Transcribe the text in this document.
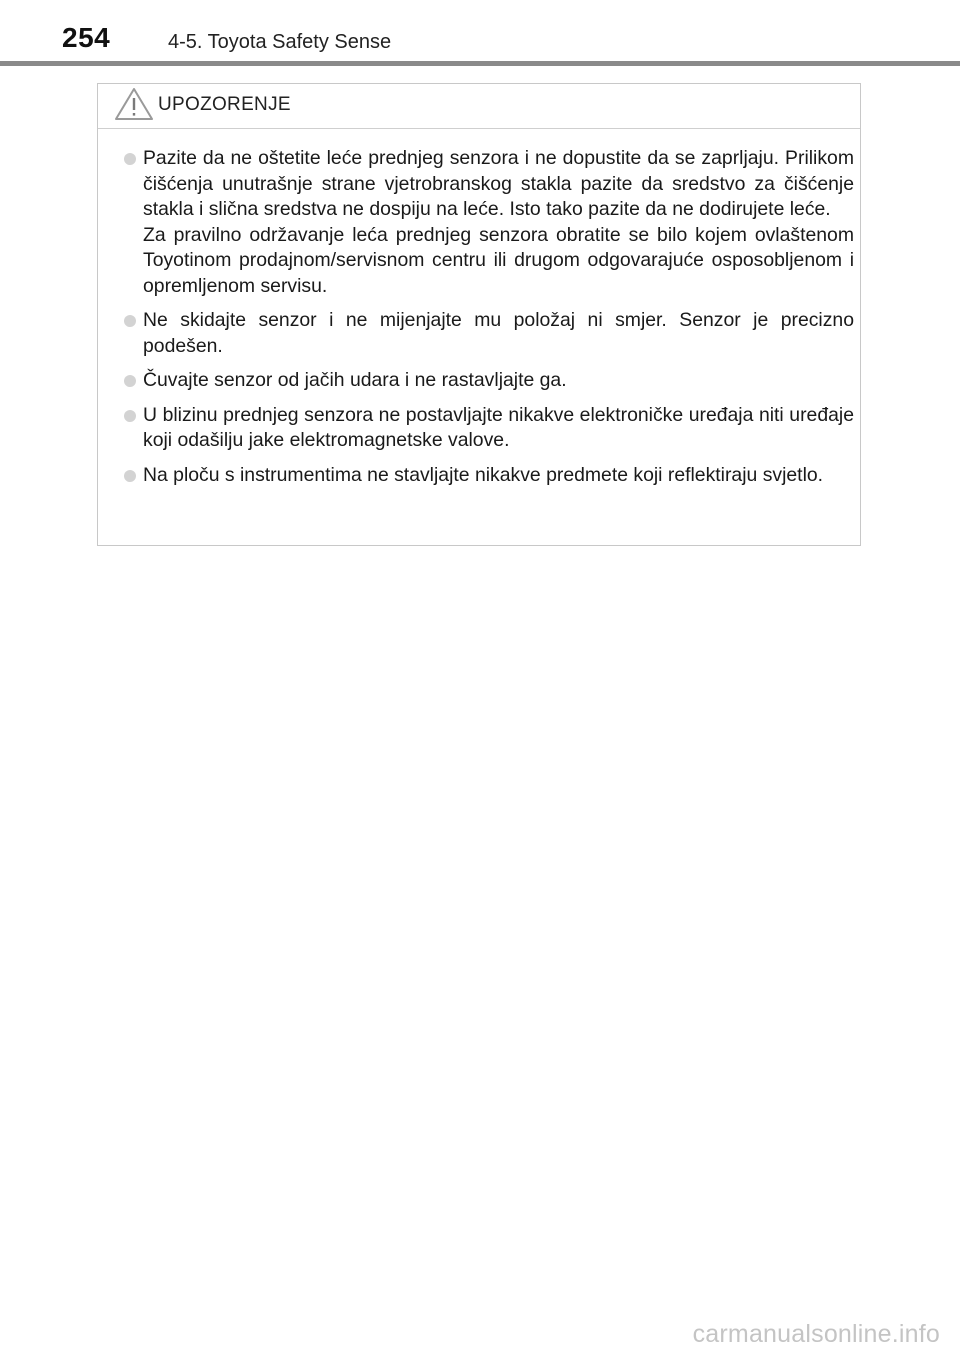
254	4-5. Toyota Safety Sense
UPOZORENJE
Pazite da ne oštetite leće prednjeg senzora i ne dopustite da se zaprljaju. Prilikom čišćenja unutrašnje strane vjetrobranskog stakla pazite da sredstvo za čišćenje stakla i slična sredstva ne dospiju na leće. Isto tako pazite da ne dodirujete leće.
Za pravilno održavanje leća prednjeg senzora obratite se bilo kojem ovlaštenom Toyotinom prodajnom/servisnom centru ili drugom odgovarajuće osposobljenom i opremljenom servisu.
Ne skidajte senzor i ne mijenjajte mu položaj ni smjer. Senzor je precizno podešen.
Čuvajte senzor od jačih udara i ne rastavljajte ga.
U blizinu prednjeg senzora ne postavljajte nikakve elektroničke uređaja niti uređaje koji odašilju jake elektromagnetske valove.
Na ploču s instrumentima ne stavljajte nikakve predmete koji reflektiraju svjetlo.
carmanualsonline.info
